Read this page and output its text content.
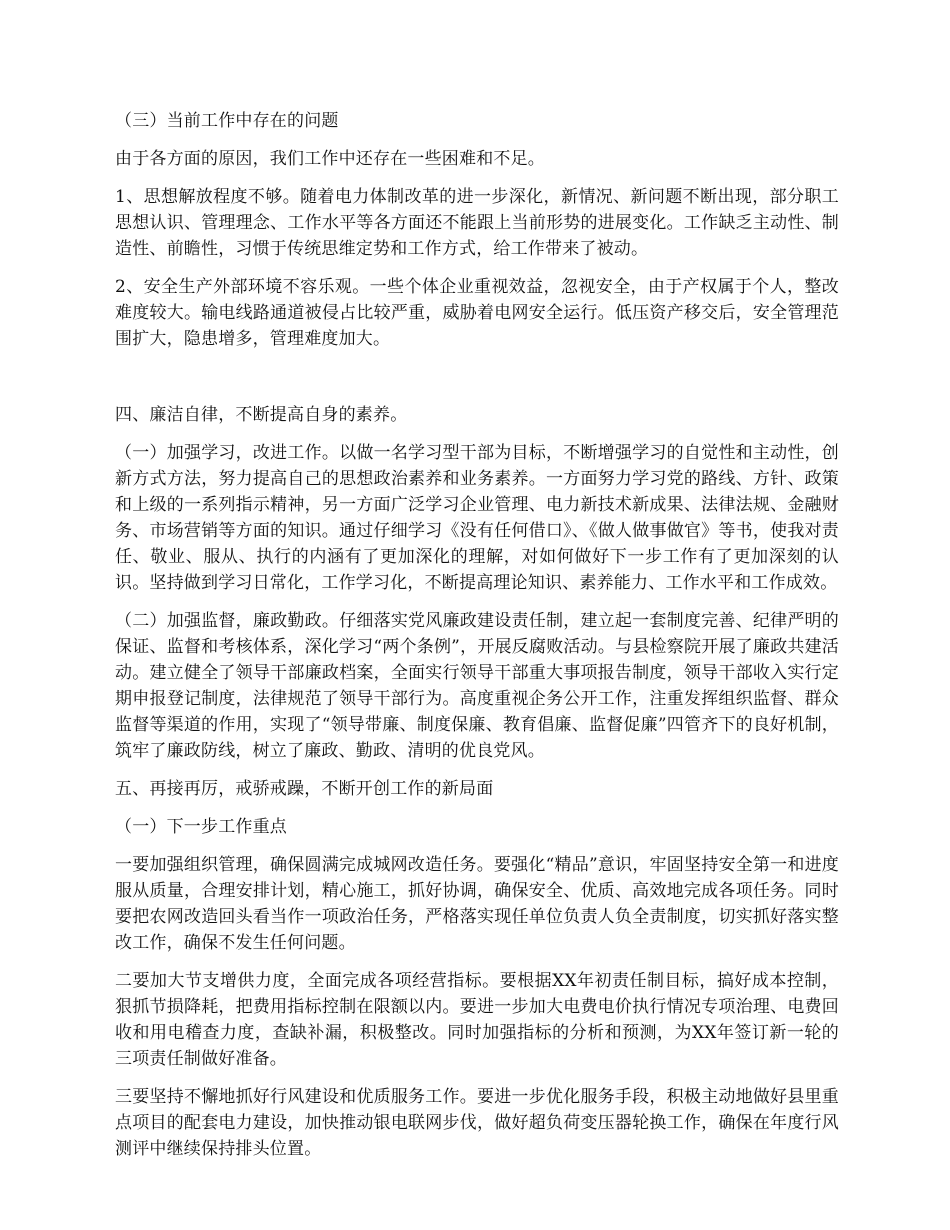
（三）当前工作中存在的问题

由于各方面的原因，我们工作中还存在一些困难和不足。

1、思想解放程度不够。随着电力体制改革的进一步深化，新情况、新问题不断出现，部分职工思想认识、管理理念、工作水平等各方面还不能跟上当前形势的进展变化。工作缺乏主动性、制造性、前瞻性，习惯于传统思维定势和工作方式，给工作带来了被动。

2、安全生产外部环境不容乐观。一些个体企业重视效益，忽视安全，由于产权属于个人，整改难度较大。输电线路通道被侵占比较严重，威胁着电网安全运行。低压资产移交后，安全管理范围扩大，隐患增多，管理难度加大。

四、廉洁自律，不断提高自身的素养。

（一）加强学习，改进工作。以做一名学习型干部为目标，不断增强学习的自觉性和主动性，创新方式方法，努力提高自己的思想政治素养和业务素养。一方面努力学习党的路线、方针、政策和上级的一系列指示精神，另一方面广泛学习企业管理、电力新技术新成果、法律法规、金融财务、市场营销等方面的知识。通过仔细学习《没有任何借口》、《做人做事做官》等书，使我对责任、敬业、服从、执行的内涵有了更加深化的理解，对如何做好下一步工作有了更加深刻的认识。坚持做到学习日常化，工作学习化，不断提高理论知识、素养能力、工作水平和工作成效。

（二）加强监督，廉政勤政。仔细落实党风廉政建设责任制，建立起一套制度完善、纪律严明的保证、监督和考核体系，深化学习“两个条例”，开展反腐败活动。与县检察院开展了廉政共建活动。建立健全了领导干部廉政档案，全面实行领导干部重大事项报告制度，领导干部收入实行定期申报登记制度，法律规范了领导干部行为。高度重视企务公开工作，注重发挥组织监督、群众监督等渠道的作用，实现了“领导带廉、制度保廉、教育倡廉、监督促廉”四管齐下的良好机制，筑牢了廉政防线，树立了廉政、勤政、清明的优良党风。

五、再接再厉，戒骄戒躁，不断开创工作的新局面

（一）下一步工作重点

一要加强组织管理，确保圆满完成城网改造任务。要强化“精品”意识，牢固坚持安全第一和进度服从质量，合理安排计划，精心施工，抓好协调，确保安全、优质、高效地完成各项任务。同时要把农网改造回头看当作一项政治任务，严格落实现任单位负责人负全责制度，切实抓好落实整改工作，确保不发生任何问题。

二要加大节支增供力度，全面完成各项经营指标。要根据XX年初责任制目标，搞好成本控制，狠抓节损降耗，把费用指标控制在限额以内。要进一步加大电费电价执行情况专项治理、电费回收和用电稽查力度，查缺补漏，积极整改。同时加强指标的分析和预测，为XX年签订新一轮的三项责任制做好准备。

三要坚持不懈地抓好行风建设和优质服务工作。要进一步优化服务手段，积极主动地做好县里重点项目的配套电力建设，加快推动银电联网步伐，做好超负荷变压器轮换工作，确保在年度行风测评中继续保持排头位置。
